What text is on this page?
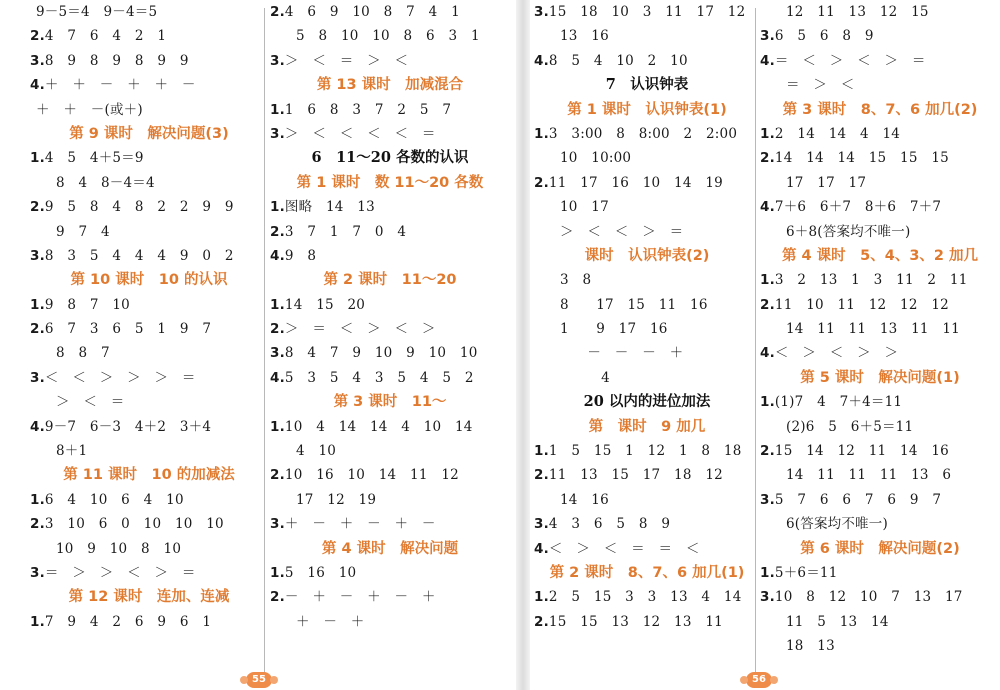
9－5＝4　9－4＝5
2.4　7　6　4　2　1
3.8　9　8　9　8　9　9
4.＋　＋　－　＋　＋　－
＋　＋　－(或＋)
第 9 课时　解决问题(3)
1.4　5　4＋5＝9
8　4　8－4＝4
2.9　5　8　4　8　2　2　9　9
9　7　4
3.8　3　5　4　4　4　9　0　2
第 10 课时　10 的认识
1.9　8　7　10
2.6　7　3　6　5　1　9　7
8　8　7
3.＜　＜　＞　＞　＞　＝
＞　＜　＝
4.9－7　6－3　4＋2　3＋4
8＋1
第 11 课时　10 的加减法
1.6　4　10　6　4　10
2.3　10　6　0　10　10　10
10　9　10　8　10
3.＝　＞　＞　＜　＞　＝
第 12 课时　连加、连减
1.7　9　4　2　6　9　6　1
2.4　6　9　10　8　7　4　1
5　8　10　10　8　6　3　1
3.＞　＜　＝　＞　＜
第 13 课时　加减混合
1.1　6　8　3　7　2　5　7
3.＞　＜　＜　＜　＜　＝
6　11～20 各数的认识
第 1 课时　数 11～20 各数
1.图略　14　13
2.3　7　1　7　0　4
4.9　8
第 2 课时　11～20
1.14　15　20
2.＞　＝　＜　＞　＜　＞
3.8　4　7　9　10　9　10　10
4.5　3　5　4　3　5　4　5　2
第 3 课时　11～
1.10　4　14　14　4　10　14
4　10
2.10　16　10　14　11　12
17　12　19
3.＋　－　＋　－　＋　－
第 4 课时　解决问题
1.5　16　10
2.－　＋　－　＋　－　＋
＋　－　＋
3.15　18　10　3　11　17　12
13　16
4.8　5　4　10　2　10
7　认识钟表
第 1 课时　认识钟表(1)
1.3　3:00　8　8:00　2　2:00
10　10:00
2.11　17　16　10　14　19
10　17
＞　＜　＜　＞　＝
课时　认识钟表(2)
3　8
8　　17　15　11　16
1　　9　17　16
　　－　－　－　＋
　　　4
20 以内的进位加法
第　课时　9 加几
1.1　5　15　1　12　1　8　18
2.11　13　15　17　18　12
14　16
3.4　3　6　5　8　9
4.＜　＞　＜　＝　＝　＜
第 2 课时　8、7、6 加几(1)
1.2　5　15　3　3　13　4　14
2.15　15　13　12　13　11
12　11　13　12　15
3.6　5　6　8　9
4.＝　＜　＞　＜　＞　＝
＝　＞　＜
第 3 课时　8、7、6 加几(2)
1.2　14　14　4　14
2.14　14　14　15　15　15
17　17　17
4.7＋6　6＋7　8＋6　7＋7
6＋8(答案均不唯一)
第 4 课时　5、4、3、2 加几
1.3　2　13　1　3　11　2　11
2.11　10　11　12　12　12
14　11　11　13　11　11
4.＜　＞　＜　＞　＞
第 5 课时　解决问题(1)
1.(1)7　4　7＋4＝11
(2)6　5　6＋5＝11
2.15　14　12　11　14　16
14　11　11　11　13　6
3.5　7　6　6　7　6　9　7
6(答案均不唯一)
第 6 课时　解决问题(2)
1.5＋6＝11
3.10　8　12　10　7　13　17
11　5　13　14
18　13
55	56
